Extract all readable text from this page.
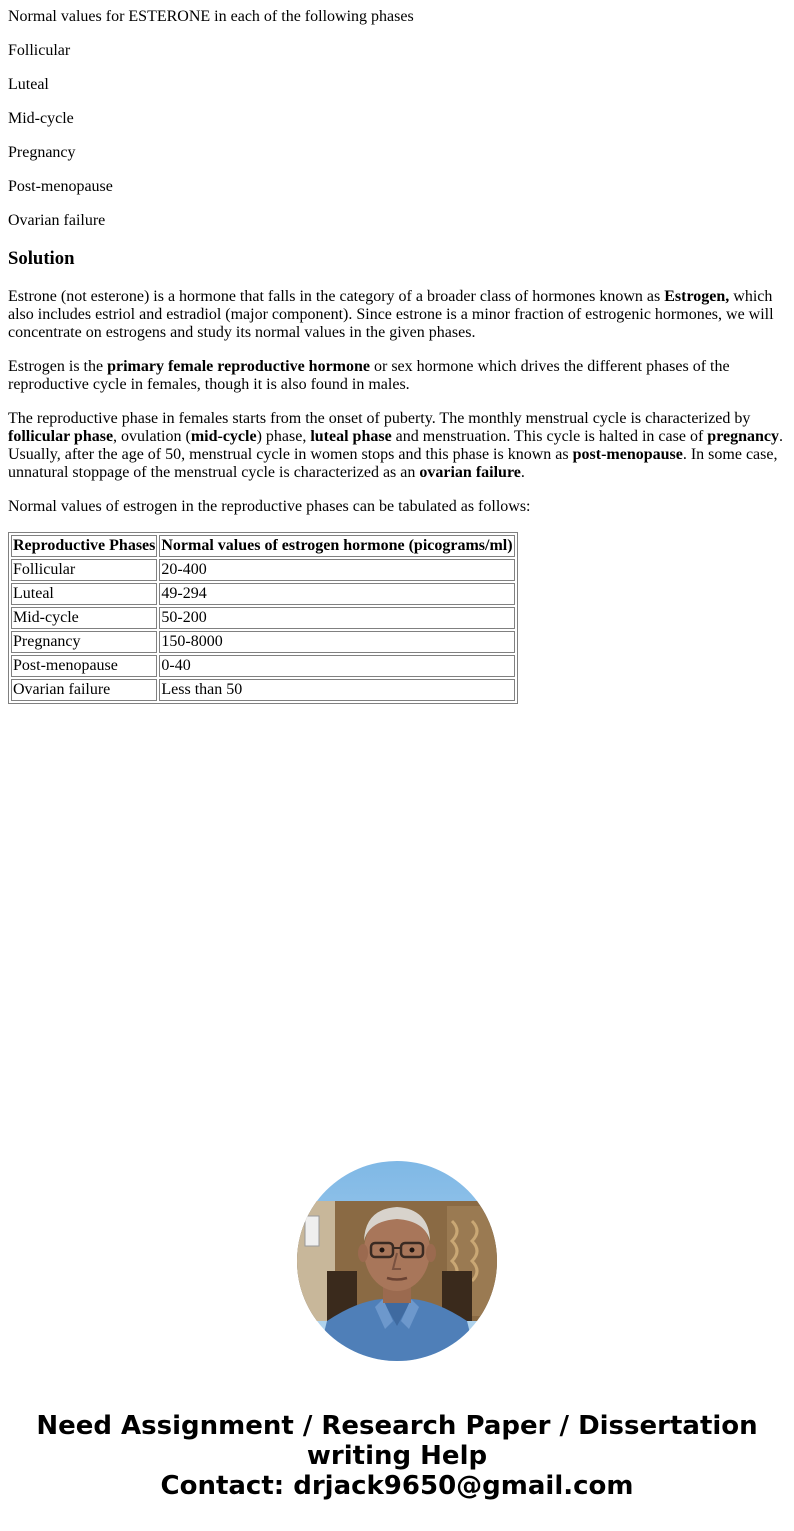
Normal values for ESTERONE in each of the following phases

Follicular

Luteal

Mid-cycle

Pregnancy

Post-menopause

Ovarian failure

Solution

Estrone (not esterone) is a hormone that falls in the category of a broader class of hormones known as Estrogen, which also includes estriol and estradiol (major component). Since estrone is a minor fraction of estrogenic hormones, we will concentrate on estrogens and study its normal values in the given phases.

Estrogen is the primary female reproductive hormone or sex hormone which drives the different phases of the reproductive cycle in females, though it is also found in males.

The reproductive phase in females starts from the onset of puberty. The monthly menstrual cycle is characterized by follicular phase, ovulation (mid-cycle) phase, luteal phase and menstruation. This cycle is halted in case of pregnancy. Usually, after the age of 50, menstrual cycle in women stops and this phase is known as post-menopause. In some case, unnatural stoppage of the menstrual cycle is characterized as an ovarian failure.

Normal values of estrogen in the reproductive phases can be tabulated as follows:

Reproductive Phases	Normal values of estrogen hormone (picograms/ml)
Follicular	20-400
Luteal	49-294
Mid-cycle	50-200
Pregnancy	150-8000
Post-menopause	0-40
Ovarian failure	Less than 50
Need Assignment / Research Paper / Dissertation
writing Help
Contact: drjack9650@gmail.com
